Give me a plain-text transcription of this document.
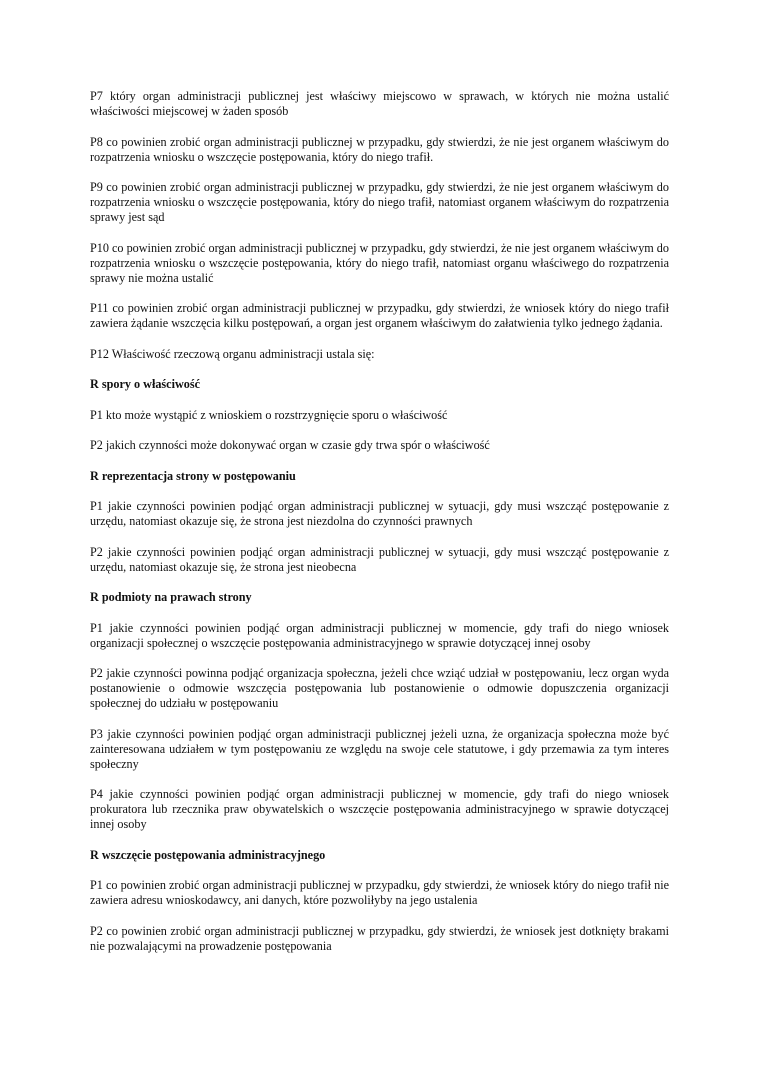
P7 który organ administracji publicznej jest właściwy miejscowo w sprawach, w których nie można ustalić właściwości miejscowej w żaden sposób

P8 co powinien zrobić organ administracji publicznej w przypadku, gdy stwierdzi, że nie jest organem właściwym do rozpatrzenia wniosku o wszczęcie postępowania, który do niego trafił.

P9 co powinien zrobić organ administracji publicznej w przypadku, gdy stwierdzi, że nie jest organem właściwym do rozpatrzenia wniosku o wszczęcie postępowania, który do niego trafił, natomiast organem właściwym do rozpatrzenia sprawy jest sąd

P10 co powinien zrobić organ administracji publicznej w przypadku, gdy stwierdzi, że nie jest organem właściwym do rozpatrzenia wniosku o wszczęcie postępowania, który do niego trafił, natomiast organu właściwego do rozpatrzenia sprawy nie można ustalić

P11 co powinien zrobić organ administracji publicznej w przypadku, gdy stwierdzi, że wniosek który do niego trafił zawiera żądanie wszczęcia kilku postępowań, a organ jest organem właściwym do załatwienia tylko jednego żądania.

P12 Właściwość rzeczową organu administracji ustala się:

R spory o właściwość

P1 kto może wystąpić z wnioskiem o rozstrzygnięcie sporu o właściwość

P2 jakich czynności może dokonywać organ w czasie gdy trwa spór o właściwość

R reprezentacja strony w postępowaniu

P1 jakie czynności powinien podjąć organ administracji publicznej w sytuacji, gdy musi wszcząć postępowanie z urzędu, natomiast okazuje się, że strona jest niezdolna do czynności prawnych

P2 jakie czynności powinien podjąć organ administracji publicznej w sytuacji, gdy musi wszcząć postępowanie z urzędu, natomiast okazuje się, że strona jest nieobecna

R podmioty na prawach strony

P1 jakie czynności powinien podjąć organ administracji publicznej w momencie, gdy trafi do niego wniosek organizacji społecznej o wszczęcie postępowania administracyjnego w sprawie dotyczącej innej osoby

P2 jakie czynności powinna podjąć organizacja społeczna, jeżeli chce wziąć udział w postępowaniu, lecz organ wyda postanowienie o odmowie wszczęcia postępowania lub postanowienie o odmowie dopuszczenia organizacji społecznej do udziału w postępowaniu

P3 jakie czynności powinien podjąć organ administracji publicznej jeżeli uzna, że organizacja społeczna może być zainteresowana udziałem w tym postępowaniu ze względu na swoje cele statutowe, i gdy przemawia za tym interes społeczny

P4 jakie czynności powinien podjąć organ administracji publicznej w momencie, gdy trafi do niego wniosek prokuratora lub rzecznika praw obywatelskich o wszczęcie postępowania administracyjnego w sprawie dotyczącej innej osoby

R wszczęcie postępowania administracyjnego

P1 co powinien zrobić organ administracji publicznej w przypadku, gdy stwierdzi, że wniosek który do niego trafił nie zawiera adresu wnioskodawcy, ani danych, które pozwoliłyby na jego ustalenia

P2 co powinien zrobić organ administracji publicznej w przypadku, gdy stwierdzi, że wniosek jest dotknięty brakami nie pozwalającymi na prowadzenie postępowania
